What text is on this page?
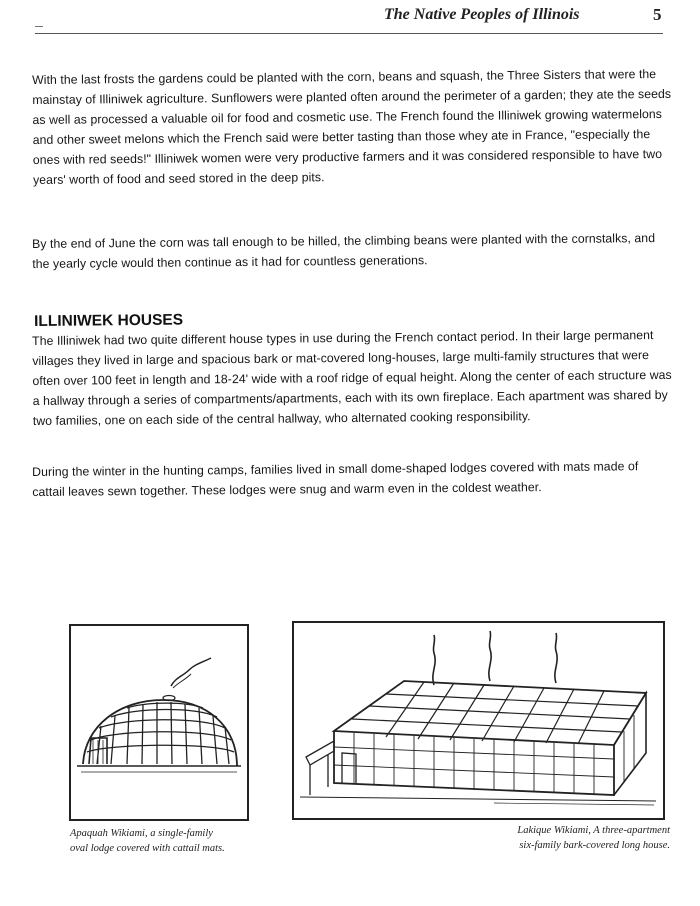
The Native Peoples of Illinois	5

With the last frosts the gardens could be planted with the corn, beans and squash, the Three Sisters that were the mainstay of Illiniwek agriculture. Sunflowers were planted often around the perimeter of a garden; they ate the seeds as well as processed a valuable oil for food and cosmetic use. The French found the Illiniwek growing watermelons and other sweet melons which the French said were better tasting than those whey ate in France, "especially the ones with red seeds!" Illiniwek women were very productive farmers and it was considered responsible to have two years' worth of food and seed stored in the deep pits.

By the end of June the corn was tall enough to be hilled, the climbing beans were planted with the cornstalks, and the yearly cycle would then continue as it had for countless generations.

ILLINIWEK HOUSES

The Illiniwek had two quite different house types in use during the French contact period. In their large permanent villages they lived in large and spacious bark or mat-covered long-houses, large multi-family structures that were often over 100 feet in length and 18-24' wide with a roof ridge of equal height. Along the center of each structure was a hallway through a series of compartments/apartments, each with its own fireplace. Each apartment was shared by two families, one on each side of the central hallway, who alternated cooking responsibility.

During the winter in the hunting camps, families lived in small dome-shaped lodges covered with mats made of cattail leaves sewn together. These lodges were snug and warm even in the coldest weather.

Apaquah Wikiami, a single-family
oval lodge covered with cattail mats.

Lakique Wikiami, A three-apartment
six-family bark-covered long house.
